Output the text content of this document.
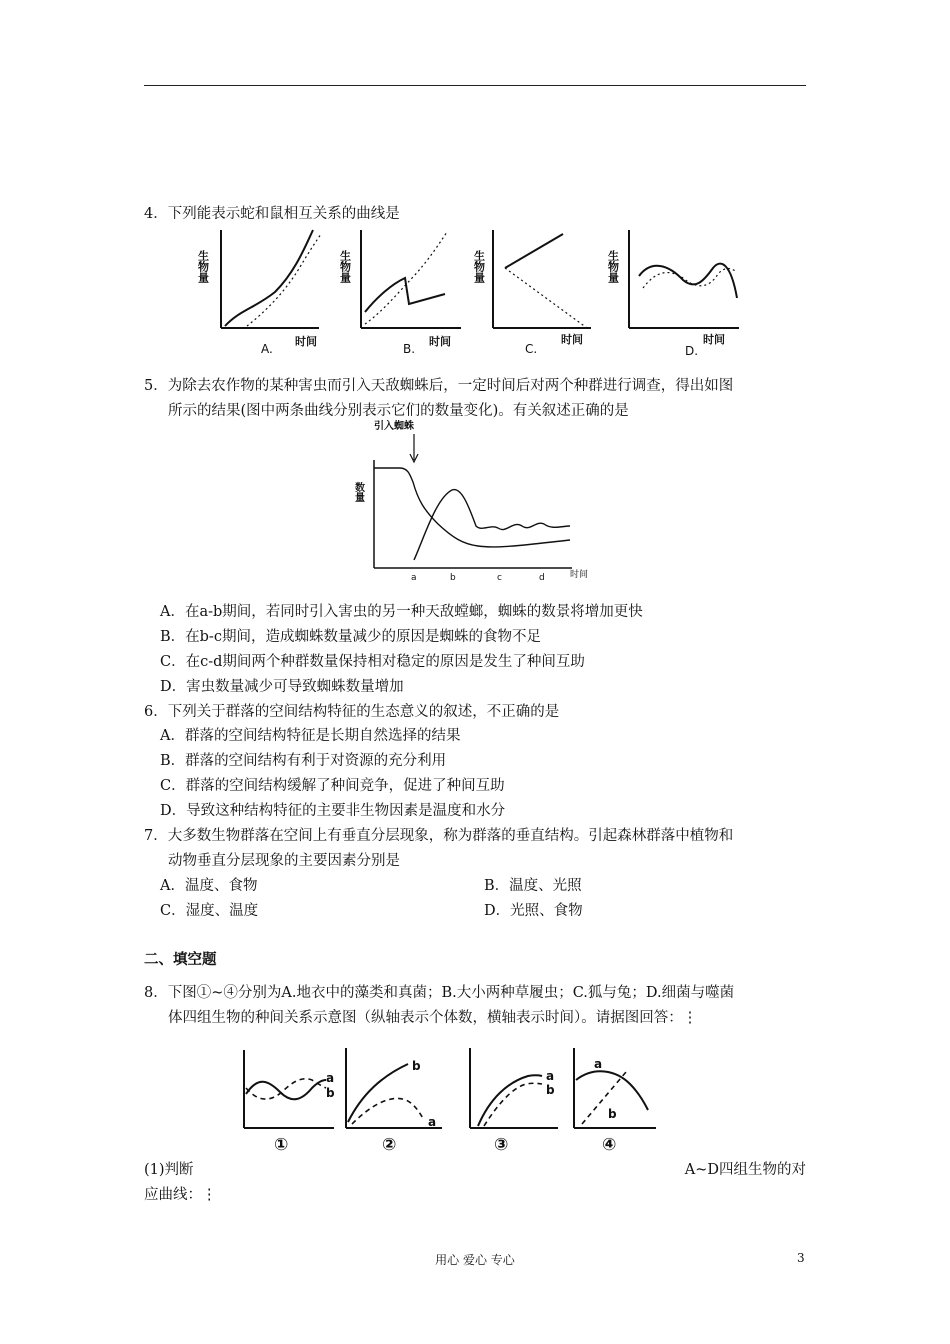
4．下列能表示蛇和鼠相互关系的曲线是
生物量
时间
A.
生物量
时间
B.
生物量
时间
C.
生物量
时间
D.
5．为除去农作物的某种害虫而引入天敌蜘蛛后，一定时间后对两个种群进行调查，得出如图
所示的结果(图中两条曲线分别表示它们的数量变化)。有关叙述正确的是
引入蜘蛛
数量
a	b	c	d	时间
A．在a-b期间，若同时引入害虫的另一种天敌螳螂，蜘蛛的数景将增加更快
B．在b-c期间，造成蜘蛛数量减少的原因是蜘蛛的食物不足
C．在c-d期间两个种群数量保持相对稳定的原因是发生了种间互助
D．害虫数量减少可导致蜘蛛数量增加
6．下列关于群落的空间结构特征的生态意义的叙述，不正确的是
A．群落的空间结构特征是长期自然选择的结果
B．群落的空间结构有利于对资源的充分利用
C．群落的空间结构缓解了种间竞争，促进了种间互助
D．导致这种结构特征的主要非生物因素是温度和水分
7．大多数生物群落在空间上有垂直分层现象，称为群落的垂直结构。引起森林群落中植物和
动物垂直分层现象的主要因素分别是
A．温度、食物	B．温度、光照
C．湿度、温度	D．光照、食物
二、填空题
8．下图①~④分别为A.地衣中的藻类和真菌；B.大小两种草履虫；C.狐与兔；D.细菌与噬菌
体四组生物的种间关系示意图（纵轴表示个体数，横轴表示时间）。请据图回答：⋮
a
b
①
b
a
②
a
b
③
a
b
④
(1)判断	A~D四组生物的对
应曲线：⋮
用心 爱心 专心	3
